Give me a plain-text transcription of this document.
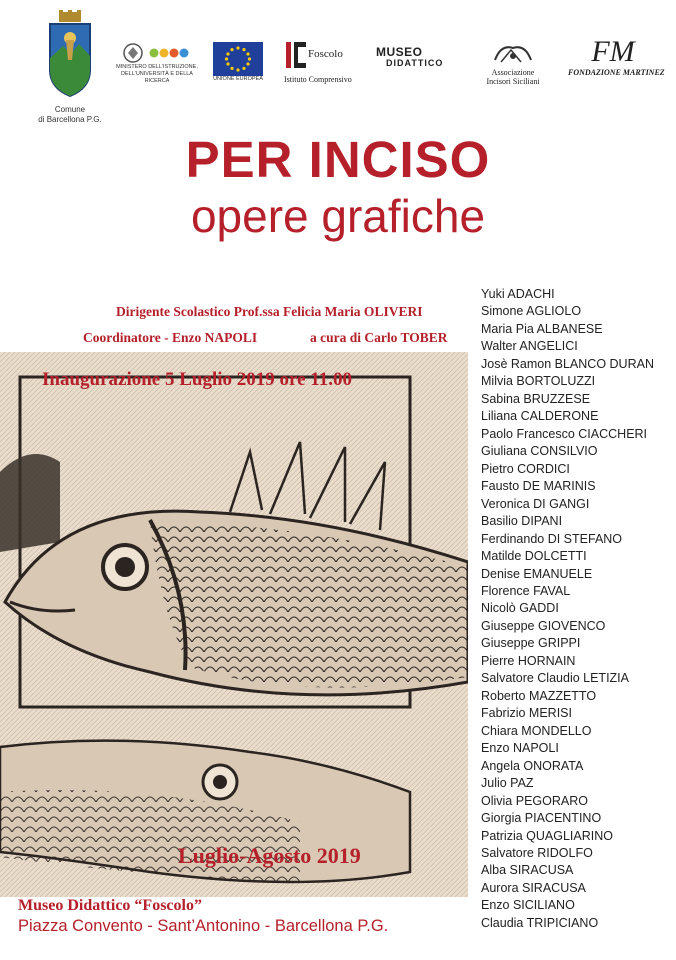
Comune
di Barcellona P.G.
MINISTERO DELL'ISTRUZIONE,
DELL'UNIVERSITÀ E DELLA RICERCA	UNIONE EUROPEA
Foscolo
Istituto Comprensivo
MUSEO
DIDATTICO
Associazione
Incisori Siciliani
FM
FONDAZIONE MARTINEZ
PER INCISO
opere grafiche
Dirigente Scolastico Prof.ssa Felicia Maria OLIVERI
Coordinatore - Enzo NAPOLI	a cura di Carlo TOBER
Inaugurazione 5 Luglio 2019 ore 11.00
Luglio-Agosto 2019
Museo Didattico “Foscolo”
Piazza Convento - Sant’Antonino - Barcellona P.G.
Yuki ADACHI
Simone AGLIOLO
Maria Pia ALBANESE
Walter ANGELICI
Josè Ramon BLANCO DURAN
Milvia BORTOLUZZI
Sabina BRUZZESE
Liliana CALDERONE
Paolo Francesco CIACCHERI
Giuliana CONSILVIO
Pietro CORDICI
Fausto DE MARINIS
Veronica DI GANGI
Basilio DIPANI
Ferdinando DI STEFANO
Matilde DOLCETTI
Denise EMANUELE
Florence FAVAL
Nicolò GADDI
Giuseppe GIOVENCO
Giuseppe GRIPPI
Pierre HORNAIN
Salvatore Claudio LETIZIA
Roberto MAZZETTO
Fabrizio MERISI
Chiara MONDELLO
Enzo NAPOLI
Angela ONORATA
Julio PAZ
Olivia PEGORARO
Giorgia PIACENTINO
Patrizia QUAGLIARINO
Salvatore RIDOLFO
Alba SIRACUSA
Aurora SIRACUSA
Enzo SICILIANO
Claudia TRIPICIANO
